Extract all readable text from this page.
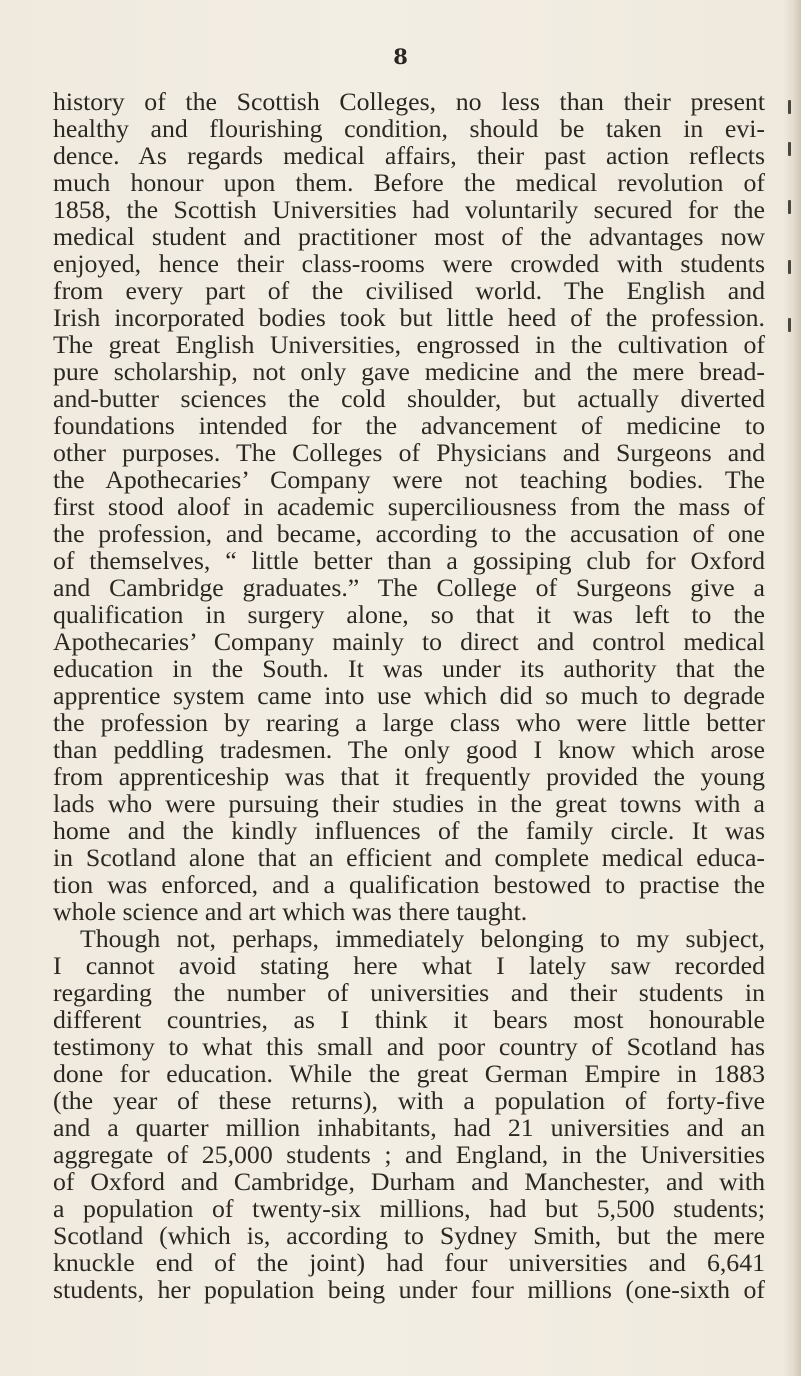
8
history of the Scottish Colleges, no less than their present
healthy and flourishing condition, should be taken in evi-
dence. As regards medical affairs, their past action reflects
much honour upon them. Before the medical revolution of
1858, the Scottish Universities had voluntarily secured for the
medical student and practitioner most of the advantages now
enjoyed, hence their class-rooms were crowded with students
from every part of the civilised world. The English and
Irish incorporated bodies took but little heed of the profession.
The great English Universities, engrossed in the cultivation of
pure scholarship, not only gave medicine and the mere bread-
and-butter sciences the cold shoulder, but actually diverted
foundations intended for the advancement of medicine to
other purposes. The Colleges of Physicians and Surgeons and
the Apothecaries’ Company were not teaching bodies. The
first stood aloof in academic superciliousness from the mass of
the profession, and became, according to the accusation of one
of themselves, “ little better than a gossiping club for Oxford
and Cambridge graduates.” The College of Surgeons give a
qualification in surgery alone, so that it was left to the
Apothecaries’ Company mainly to direct and control medical
education in the South. It was under its authority that the
apprentice system came into use which did so much to degrade
the profession by rearing a large class who were little better
than peddling tradesmen. The only good I know which arose
from apprenticeship was that it frequently provided the young
lads who were pursuing their studies in the great towns with a
home and the kindly influences of the family circle. It was
in Scotland alone that an efficient and complete medical educa-
tion was enforced, and a qualification bestowed to practise the
whole science and art which was there taught.
Though not, perhaps, immediately belonging to my subject,
I cannot avoid stating here what I lately saw recorded
regarding the number of universities and their students in
different countries, as I think it bears most honourable
testimony to what this small and poor country of Scotland has
done for education. While the great German Empire in 1883
(the year of these returns), with a population of forty-five
and a quarter million inhabitants, had 21 universities and an
aggregate of 25,000 students ; and England, in the Universities
of Oxford and Cambridge, Durham and Manchester, and with
a population of twenty-six millions, had but 5,500 students;
Scotland (which is, according to Sydney Smith, but the mere
knuckle end of the joint) had four universities and 6,641
students, her population being under four millions (one-sixth of
